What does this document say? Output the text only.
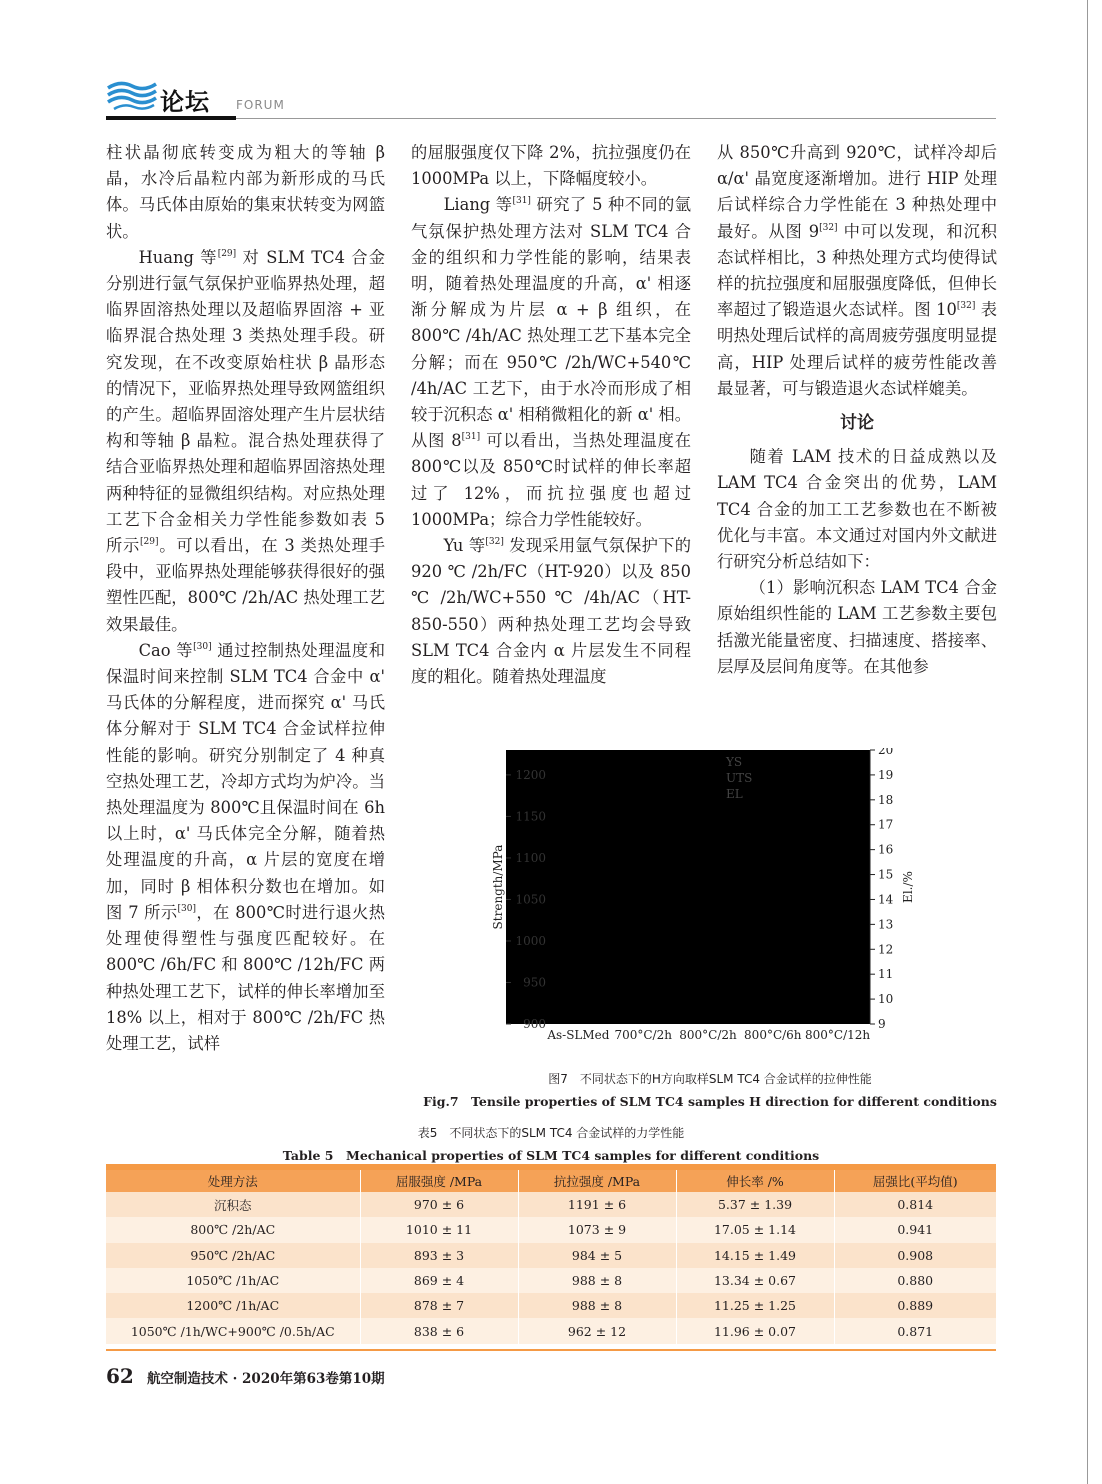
论坛 FORUM

柱状晶彻底转变成为粗大的等轴 β 晶，水冷后晶粒内部为新形成的马氏体。马氏体由原始的集束状转变为网篮状。

Huang 等[29] 对 SLM TC4 合金分别进行氩气氛保护亚临界热处理，超临界固溶热处理以及超临界固溶 + 亚临界混合热处理 3 类热处理手段。研究发现，在不改变原始柱状 β 晶形态的情况下，亚临界热处理导致网篮组织的产生。超临界固溶处理产生片层状结构和等轴 β 晶粒。混合热处理获得了结合亚临界热处理和超临界固溶热处理两种特征的显微组织结构。对应热处理工艺下合金相关力学性能参数如表 5 所示[29]。可以看出，在 3 类热处理手段中，亚临界热处理能够获得很好的强塑性匹配，800℃ /2h/AC 热处理工艺效果最佳。

Cao 等[30] 通过控制热处理温度和保温时间来控制 SLM TC4 合金中 α' 马氏体的分解程度，进而探究 α' 马氏体分解对于 SLM TC4 合金试样拉伸性能的影响。研究分别制定了 4 种真空热处理工艺，冷却方式均为炉冷。当热处理温度为 800℃且保温时间在 6h 以上时，α' 马氏体完全分解，随着热处理温度的升高，α 片层的宽度在增加，同时 β 相体积分数也在增加。如图 7 所示[30]，在 800℃时进行退火热处理使得塑性与强度匹配较好。在 800℃ /6h/FC 和 800℃ /12h/FC 两种热处理工艺下，试样的伸长率增加至 18% 以上，相对于 800℃ /2h/FC 热处理工艺，试样

的屈服强度仅下降 2%，抗拉强度仍在 1000MPa 以上，下降幅度较小。

Liang 等[31] 研究了 5 种不同的氩气氛保护热处理方法对 SLM TC4 合金的组织和力学性能的影响，结果表明，随着热处理温度的升高，α' 相逐渐分解成为片层 α + β 组织，在 800℃ /4h/AC 热处理工艺下基本完全分解；而在 950℃ /2h/WC+540℃ /4h/AC 工艺下，由于水冷而形成了相较于沉积态 α' 相稍微粗化的新 α' 相。从图 8[31] 可以看出，当热处理温度在 800℃以及 850℃时试样的伸长率超过了 12%，而抗拉强度也超过 1000MPa；综合力学性能较好。

Yu 等[32] 发现采用氩气氛保护下的 920 ℃ /2h/FC（HT-920）以及 850 ℃ /2h/WC+550 ℃ /4h/AC（HT-850-550）两种热处理工艺均会导致 SLM TC4 合金内 α 片层发生不同程度的粗化。随着热处理温度

从 850℃升高到 920℃，试样冷却后 α/α' 晶宽度逐渐增加。进行 HIP 处理后试样综合力学性能在 3 种热处理中最好。从图 9[32] 中可以发现，和沉积态试样相比，3 种热处理方式均使得试样的抗拉强度和屈服强度降低，但伸长率超过了锻造退火态试样。图 10[32] 表明热处理后试样的高周疲劳强度明显提高，HIP 处理后试样的疲劳性能改善最显著，可与锻造退火态试样媲美。

讨论

随着 LAM 技术的日益成熟以及 LAM TC4 合金突出的优势，LAM TC4 合金的加工工艺参数也在不断被优化与丰富。本文通过对国内外文献进行研究分析总结如下：

（1）影响沉积态 LAM TC4 合金原始组织性能的 LAM 工艺参数主要包括激光能量密度、扫描速度、搭接率、层厚及层间角度等。在其他参

900
950
1000
1050
1100
1150
1200
9
10
11
12
13
14
15
16
17
18
19
20
As-SLMed 700°C/2h 800°C/2h 800°C/6h 800°C/12h
Strength/MPa	El./%
YS
UTS
EL
图7　不同状态下的H方向取样SLM TC4 合金试样的拉伸性能
Fig.7　Tensile properties of SLM TC4 samples H direction for different conditions
表5　不同状态下的SLM TC4 合金试样的力学性能
Table 5　Mechanical properties of SLM TC4 samples for different conditions
处理方法	屈服强度 /MPa	抗拉强度 /MPa	伸长率 /%	屈强比(平均值)
沉积态	970 ± 6	1191 ± 6	5.37 ± 1.39	0.814
800℃ /2h/AC	1010 ± 11	1073 ± 9	17.05 ± 1.14	0.941
950℃ /2h/AC	893 ± 3	984 ± 5	14.15 ± 1.49	0.908
1050℃ /1h/AC	869 ± 4	988 ± 8	13.34 ± 0.67	0.880
1200℃ /1h/AC	878 ± 7	988 ± 8	11.25 ± 1.25	0.889
1050℃ /1h/WC+900℃ /0.5h/AC	838 ± 6	962 ± 12	11.96 ± 0.07	0.871
62 航空制造技术 · 2020年第63卷第10期
